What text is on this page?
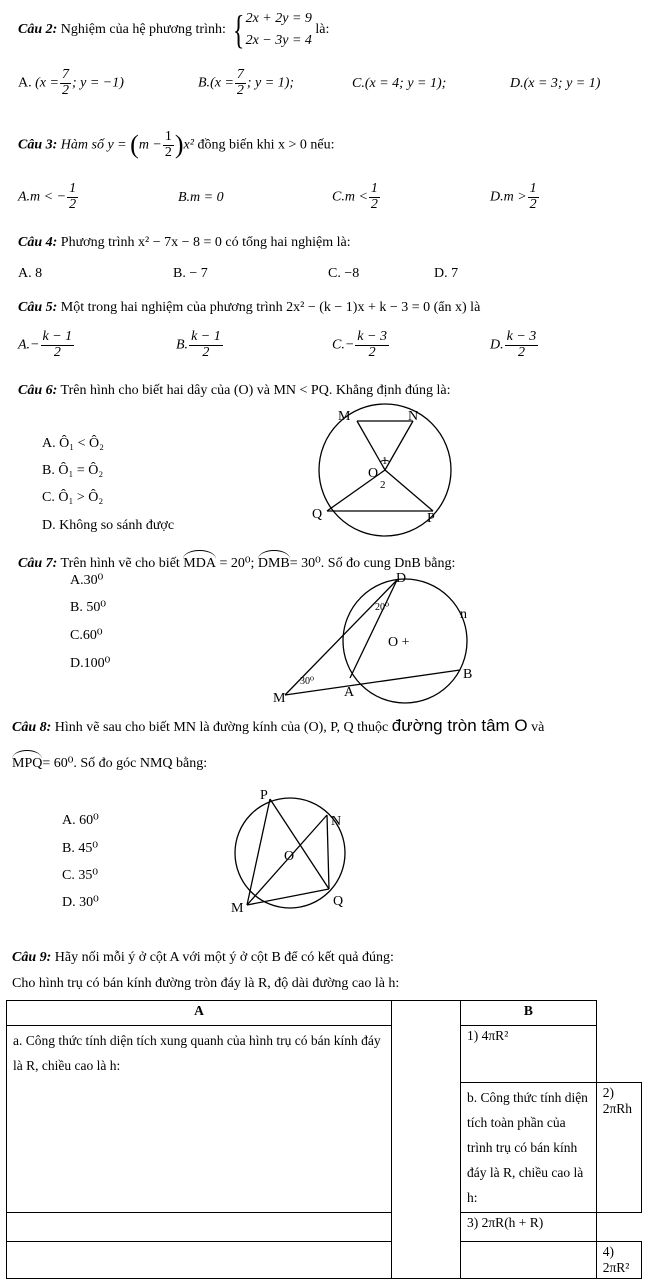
Câu 2: Nghiệm của hệ phương trình: { 2x + 2y = 9
2x − 3y = 4
là:
A. ($x = \frac{7}{2}$ ; y = −1)	$B.(x = \frac{7}{2}$ ; y = 1);	C.(x = 4; y = 1);	D.(x = 3; y = 1)
Câu 3: Hàm số $y = (m - \frac{1}{2} )x^2$ đồng biến khi x > 0 nếu:
A.m < − $\frac{1}{2}$	B.m = 0	$C.m < \frac{1}{2}$	$D.m > \frac{1}{2}$
Câu 4: Phương trình x² − 7x − 8 = 0 có tổng hai nghiệm là:
A. 8	B. − 7	C. −8	D. 7
Câu 5: Một trong hai nghiệm của phương trình 2x² − (k − 1)x + k − 3 = 0 (ẩn x) là
$A.- \frac{k - 1}{2}$	B. $\frac{k - 1}{2}$	$C.- \frac{k - 3}{2}$	D. $\frac{k - 3}{2}$
Câu 6: Trên hình cho biết hai dây của (O) và MN < PQ. Khẳng định đúng là:
A. Ô₁ < Ô₂
B. Ô₁ = Ô₂
C. Ô₁ > Ô₂
D. Không so sánh được
M	N
O
1
2
Q	P
Câu 7: Trên hình vẽ cho biết MDA = 20⁰; DMB= 30⁰. Số đo cung DnB bằng:
A.30⁰
B. 50⁰
C.60⁰
D.100⁰
D
n
O +
B
A
M
20⁰
30⁰
Câu 8: Hình vẽ sau cho biết MN là đường kính của (O), P, Q thuộc đường tròn tâm O và
MPQ= 60⁰. Số đo góc NMQ bằng:
A. 60⁰
B. 45⁰
C. 35⁰
D. 30⁰
P
N
O
M	Q
Câu 9: Hãy nối mỗi ý ở cột A với một ý ở cột B để có kết quả đúng:
Cho hình trụ có bán kính đường tròn đáy là R, độ dài đường cao là h:
A		B	
a. Công thức tính diện tích xung quanh của hình trụ có bán kính đáy là R, chiều cao là h:		1) 4πR²	
		b. Công thức tính diện tích toàn phần của trình trụ có bán kính đáy là R, chiều cao là h:	2) 2πRh
		3) 2πR(h + R)	
			4) 2πR²
